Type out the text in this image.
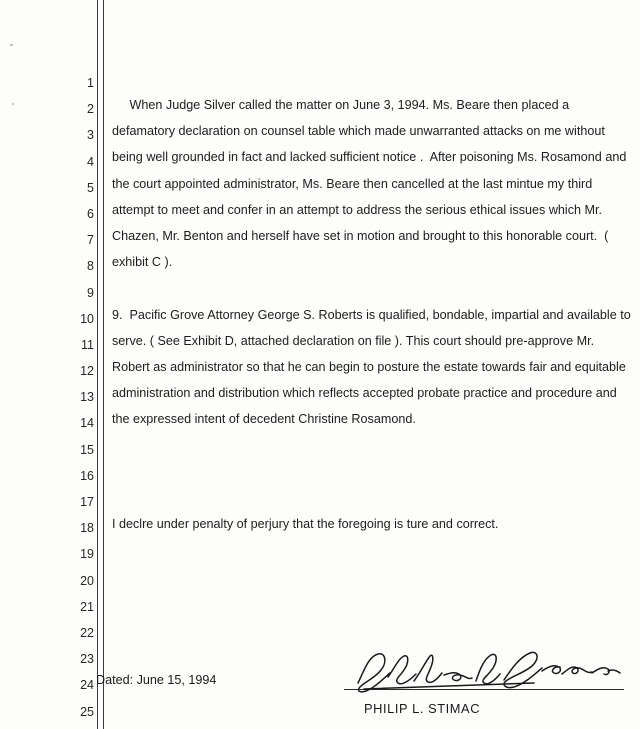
1
2
3
4
5
6
7
8
9
10
11
12
13
14
15
16
17
18
19
20
21
22
23
24
25

When Judge Silver called the matter on June 3, 1994. Ms. Beare then placed a defamatory declaration on counsel table which made unwarranted attacks on me without being well grounded in fact and lacked sufficient notice .  After poisoning Ms. Rosamond and the court appointed administrator, Ms. Beare then cancelled at the last mintue my third attempt to meet and confer in an attempt to address the serious ethical issues which Mr. Chazen, Mr. Benton and herself have set in motion and brought to this honorable court.  ( exhibit C ).

9.  Pacific Grove Attorney George S. Roberts is qualified, bondable, impartial and available to serve. ( See Exhibit D, attached declaration on file ). This court should pre-approve Mr. Robert as administrator so that he can begin to posture the estate towards fair and equitable administration and distribution which reflects accepted probate practice and procedure and the expressed intent of decedent Christine Rosamond.

I declre under penalty of perjury that the foregoing is ture and correct.

Dated: June 15, 1994
PHILIP L. STIMAC
